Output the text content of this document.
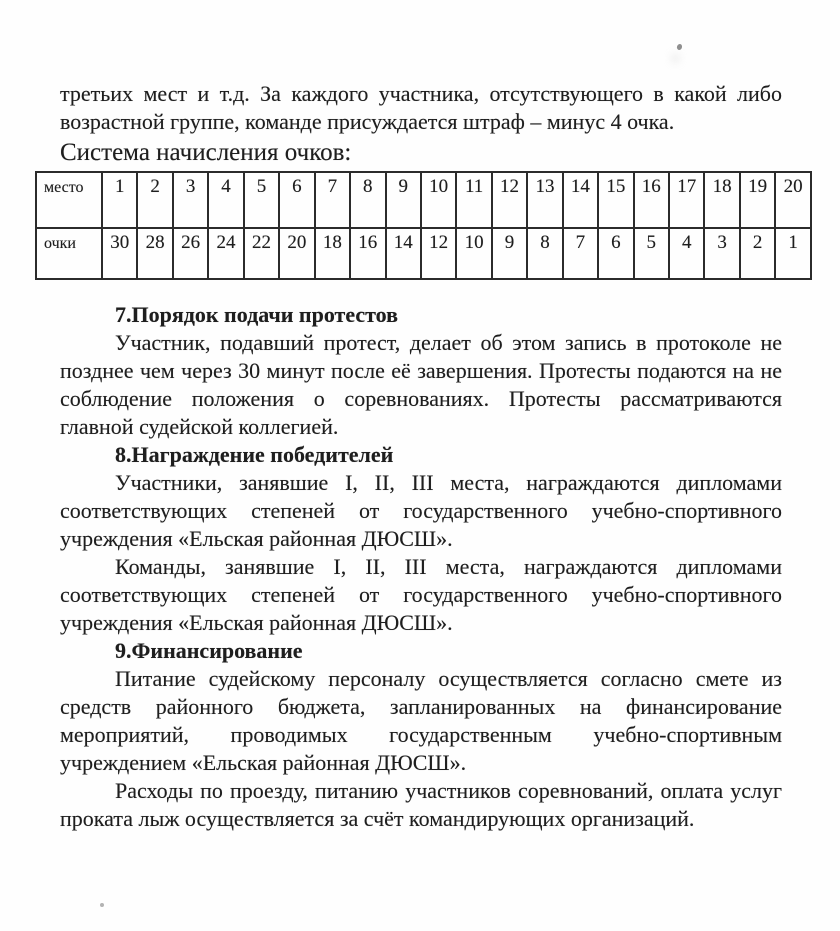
третьих мест и т.д. За каждого участника, отсутствующего в какой либо возрастной группе, команде присуждается штраф – минус 4 очка.

Система начисления очков:
место	1	2	3	4	5	6	7	8	9	10	11	12	13	14	15	16	17	18	19	20
очки	30	28	26	24	22	20	18	16	14	12	10	9	8	7	6	5	4	3	2	1
7.Порядок подачи протестов

Участник, подавший протест, делает об этом запись в протоколе не позднее чем через 30 минут после её завершения. Протесты подаются на не соблюдение положения о соревнованиях. Протесты рассматриваются главной судейской коллегией.

8.Награждение победителей

Участники, занявшие I, II, III места, награждаются дипломами соответствующих степеней от государственного учебно-спортивного учреждения «Ельская районная ДЮСШ».

Команды, занявшие I, II, III места, награждаются дипломами соответствующих степеней от государственного учебно-спортивного учреждения «Ельская районная ДЮСШ».

9.Финансирование

Питание судейскому персоналу осуществляется согласно смете из средств районного бюджета, запланированных на финансирование мероприятий, проводимых государственным учебно-спортивным учреждением «Ельская районная ДЮСШ».

Расходы по проезду, питанию участников соревнований, оплата услуг проката лыж осуществляется за счёт командирующих организаций.
